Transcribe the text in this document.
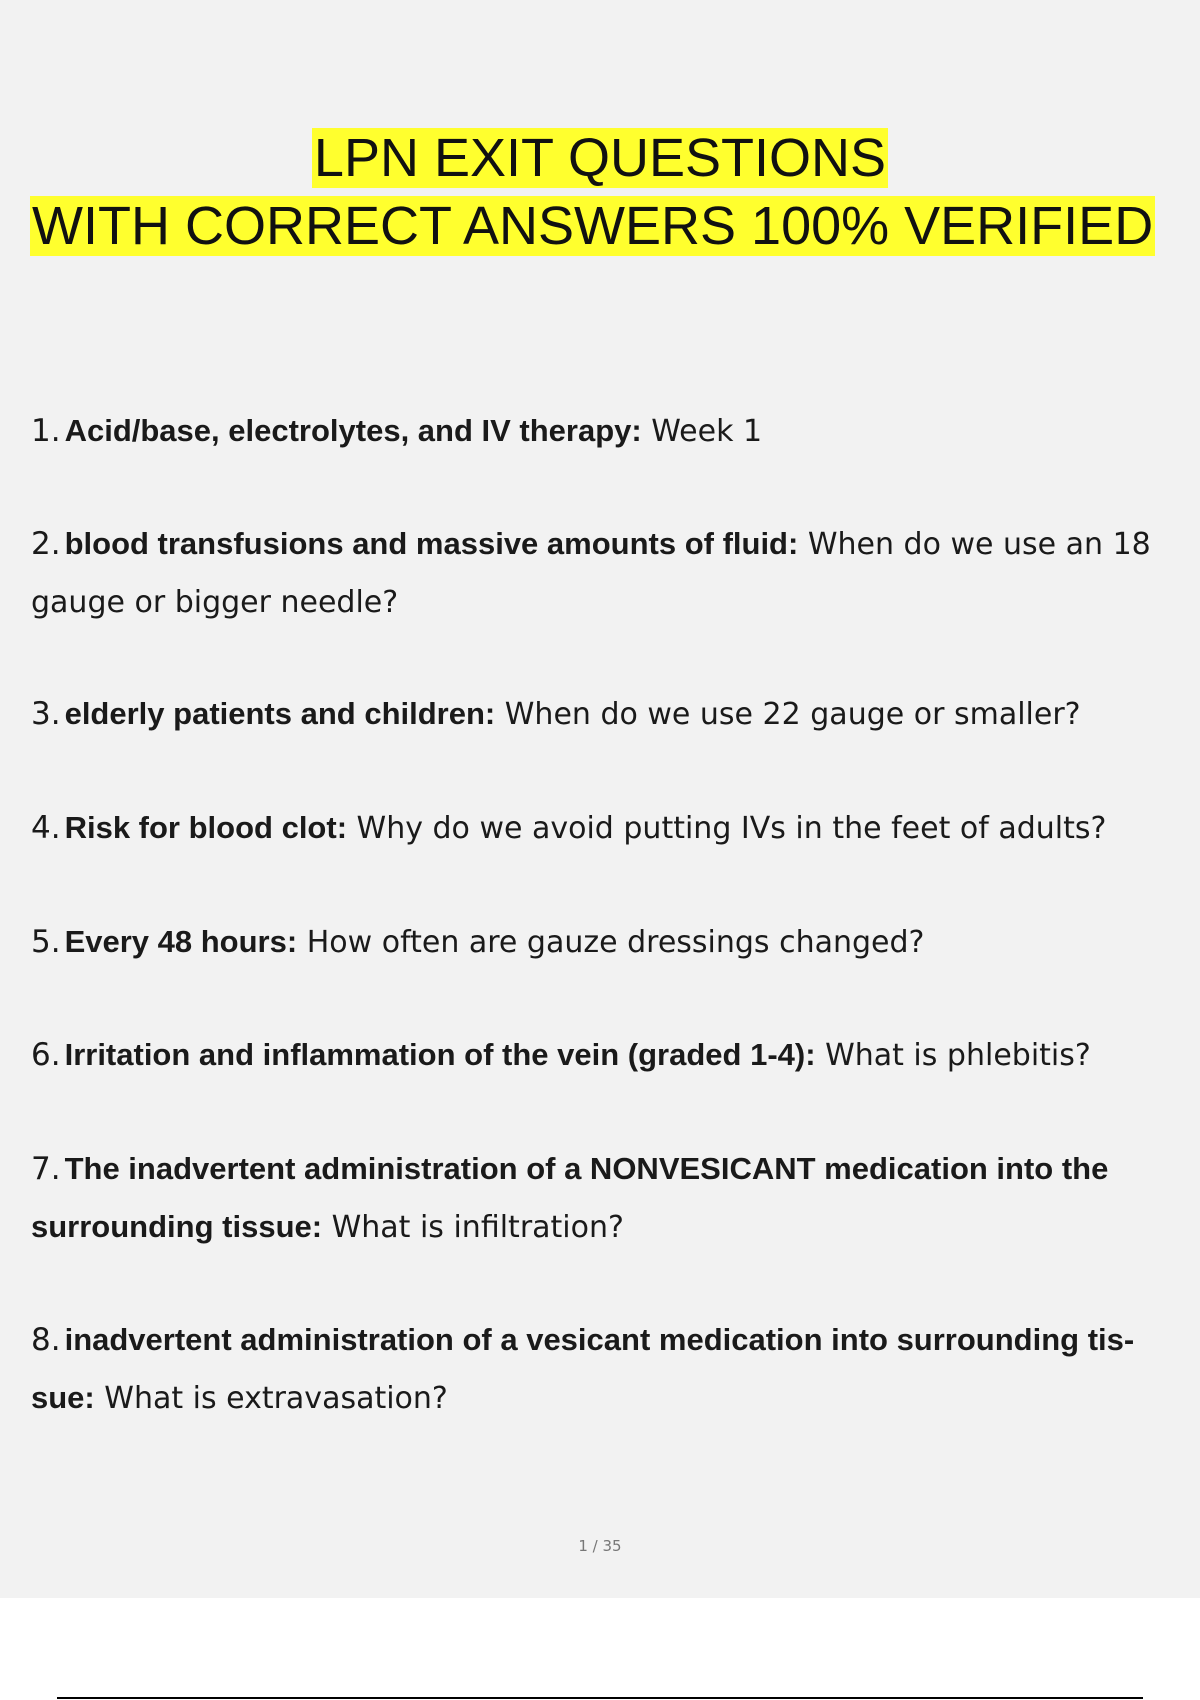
LPN EXIT QUESTIONS
WITH CORRECT ANSWERS 100% VERIFIED
1. Acid/base, electrolytes, and IV therapy: Week 1
2. blood transfusions and massive amounts of fluid: When do we use an 18 gauge or bigger needle?
3. elderly patients and children: When do we use 22 gauge or smaller?
4. Risk for blood clot: Why do we avoid putting IVs in the feet of adults?
5. Every 48 hours: How often are gauze dressings changed?
6. Irritation and inflammation of the vein (graded 1-4): What is phlebitis?
7. The inadvertent administration of a NONVESICANT medication into the surrounding tissue: What is infiltration?
8. inadvertent administration of a vesicant medication into surrounding tis- sue: What is extravasation?
1 / 35
